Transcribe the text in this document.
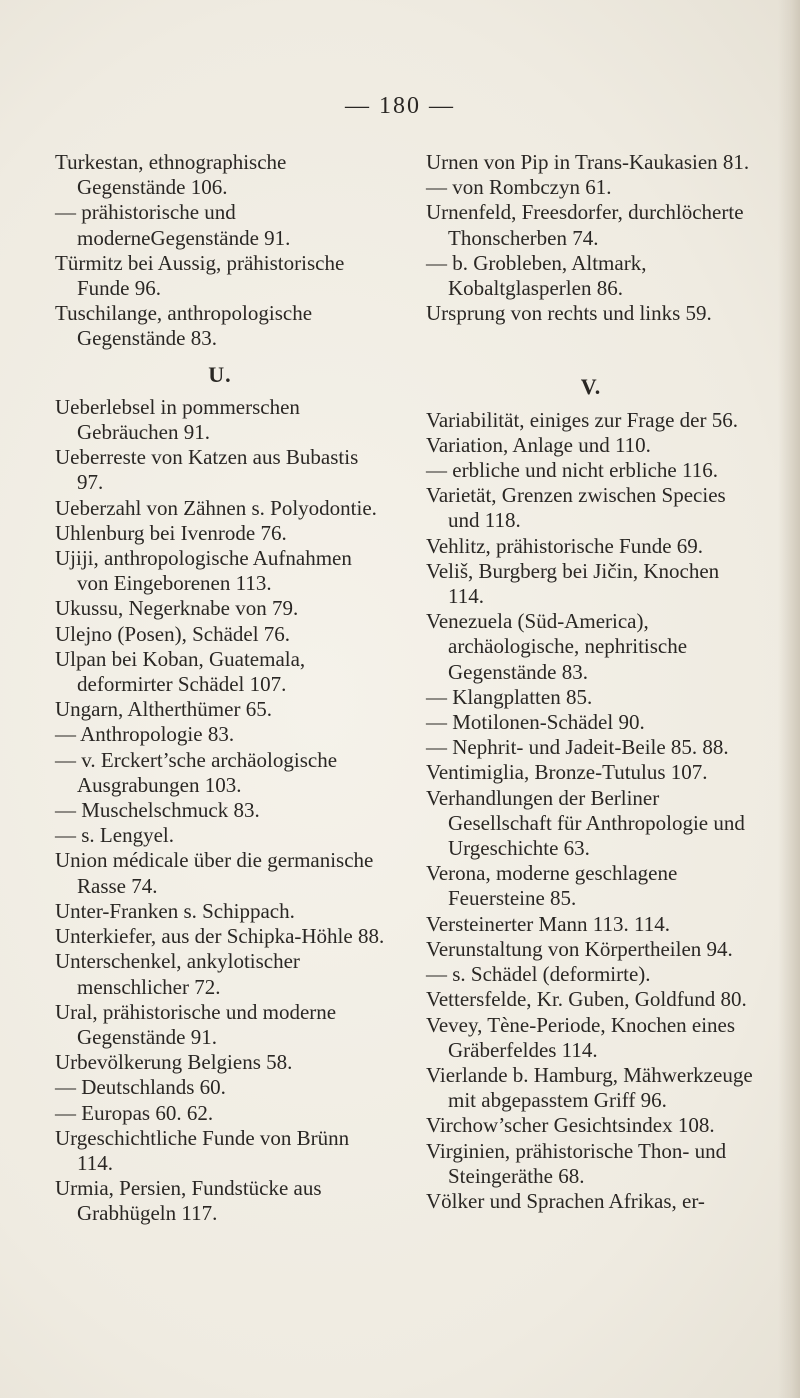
— 180 —

Turkestan, ethnographische Gegenstände 106.

— prähistorische und moderneGegenstände 91.

Türmitz bei Aussig, prähistorische Funde 96.

Tuschilange, anthropologische Gegenstände 83.

U.

Ueberlebsel in pommerschen Gebräuchen 91.

Ueberreste von Katzen aus Bubastis 97.

Ueberzahl von Zähnen s. Polyodontie.

Uhlenburg bei Ivenrode 76.

Ujiji, anthropologische Aufnahmen von Eingeborenen 113.

Ukussu, Negerknabe von 79.

Ulejno (Posen), Schädel 76.

Ulpan bei Koban, Guatemala, deformirter Schädel 107.

Ungarn, Altherthümer 65.

— Anthropologie 83.

— v. Erckert’sche archäologische Ausgrabungen 103.

— Muschelschmuck 83.

— s. Lengyel.

Union médicale über die germanische Rasse 74.

Unter-Franken s. Schippach.

Unterkiefer, aus der Schipka-Höhle 88.

Unterschenkel, ankylotischer menschlicher 72.

Ural, prähistorische und moderne Gegenstände 91.

Urbevölkerung Belgiens 58.

— Deutschlands 60.

— Europas 60. 62.

Urgeschichtliche Funde von Brünn 114.

Urmia, Persien, Fundstücke aus Grabhügeln 117.

Urnen von Pip in Trans-Kaukasien 81.

— von Rombczyn 61.

Urnenfeld, Freesdorfer, durchlöcherte Thonscherben 74.

— b. Grobleben, Altmark, Kobaltglasperlen 86.

Ursprung von rechts und links 59.

V.

Variabilität, einiges zur Frage der 56.

Variation, Anlage und 110.

— erbliche und nicht erbliche 116.

Varietät, Grenzen zwischen Species und 118.

Vehlitz, prähistorische Funde 69.

Veliš, Burgberg bei Jičin, Knochen 114.

Venezuela (Süd-America), archäologische, nephritische Gegenstände 83.

— Klangplatten 85.

— Motilonen-Schädel 90.

— Nephrit- und Jadeit-Beile 85. 88.

Ventimiglia, Bronze-Tutulus 107.

Verhandlungen der Berliner Gesellschaft für Anthropologie und Urgeschichte 63.

Verona, moderne geschlagene Feuersteine 85.

Versteinerter Mann 113. 114.

Verunstaltung von Körpertheilen 94.

— s. Schädel (deformirte).

Vettersfelde, Kr. Guben, Goldfund 80.

Vevey, Tène-Periode, Knochen eines Gräberfeldes 114.

Vierlande b. Hamburg, Mähwerkzeuge mit abgepasstem Griff 96.

Virchow’scher Gesichtsindex 108.

Virginien, prähistorische Thon- und Steingeräthe 68.

Völker und Sprachen Afrikas, er-
